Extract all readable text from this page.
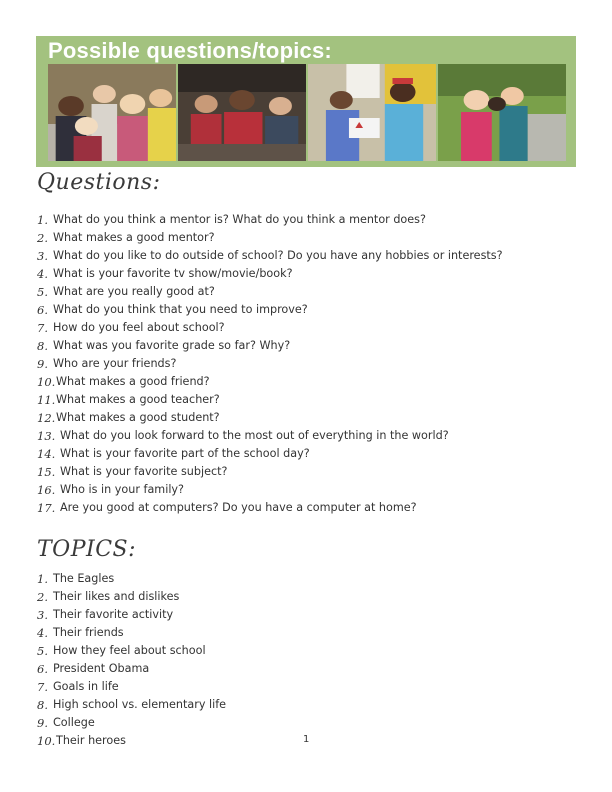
Possible questions/topics:
Questions:
1. What do you think a mentor is? What do you think a mentor does?
2. What makes a good mentor?
3. What do you like to do outside of school? Do you have any hobbies or interests?
4. What is your favorite tv show/movie/book?
5. What are you really good at?
6. What do you think that you need to improve?
7. How do you feel about school?
8. What was you favorite grade so far? Why?
9. Who are your friends?
10. What makes a good friend?
11. What makes a good teacher?
12. What makes a good student?
13. What do you look forward to the most out of everything in the world?
14. What is your favorite part of the school day?
15. What is your favorite subject?
16. Who is in your family?
17. Are you good at computers? Do you have a computer at home?
TOPICS:
1. The Eagles
2. Their likes and dislikes
3. Their favorite activity
4. Their friends
5. How they feel about school
6. President Obama
7. Goals in life
8. High school vs. elementary life
9. College
10. Their heroes	1
